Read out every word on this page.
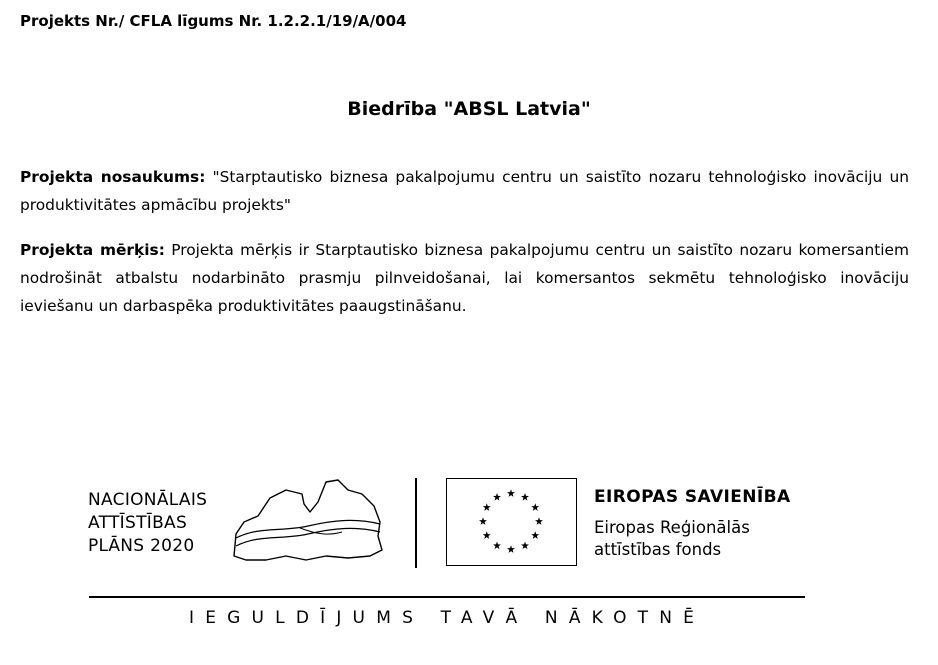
Projekts Nr./ CFLA līgums Nr. 1.2.2.1/19/A/004
Biedrība "ABSL Latvia"
Projekta nosaukums: "Starptautisko biznesa pakalpojumu centru un saistīto nozaru tehnoloģisko inovāciju un produktivitātes apmācību projekts"
Projekta mērķis: Projekta mērķis ir Starptautisko biznesa pakalpojumu centru un saistīto nozaru komersantiem nodrošināt atbalstu nodarbināto prasmju pilnveidošanai, lai komersantos sekmētu tehnoloģisko inovāciju ieviešanu un darbaspēka produktivitātes paaugstināšanu.
NACIONĀLAIS
ATTĪSTĪBAS
PLĀNS 2020
EIROPAS SAVIENĪBA
Eiropas Reģionālās
attīstības fonds
IEGULDĪJUMS TAVĀ NĀKOTNĒ
